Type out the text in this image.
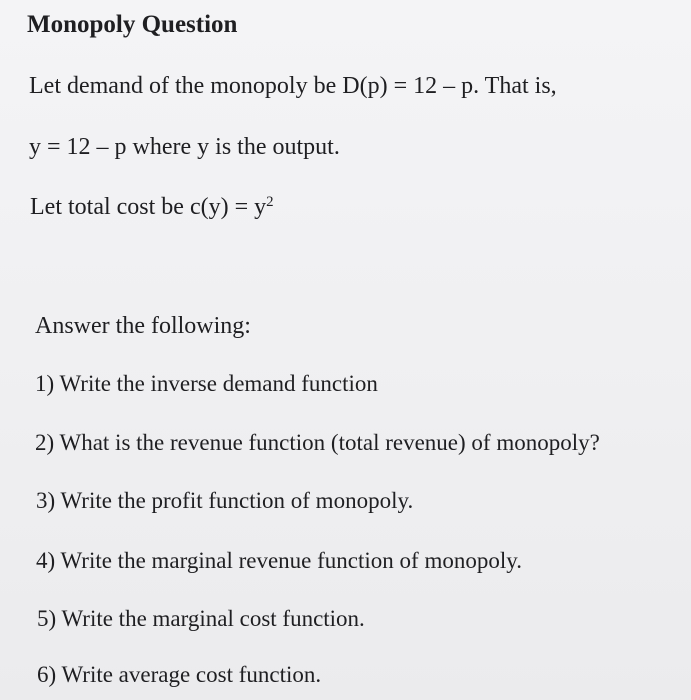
Monopoly Question
Let demand of the monopoly be D(p) = 12 – p. That is,
y = 12 – p where y is the output.
Let total cost be $c(y) = y^2$
Answer the following:
1) Write the inverse demand function
2) What is the revenue function (total revenue) of monopoly?
3) Write the profit function of monopoly.
4) Write the marginal revenue function of monopoly.
5) Write the marginal cost function.
6) Write average cost function.
